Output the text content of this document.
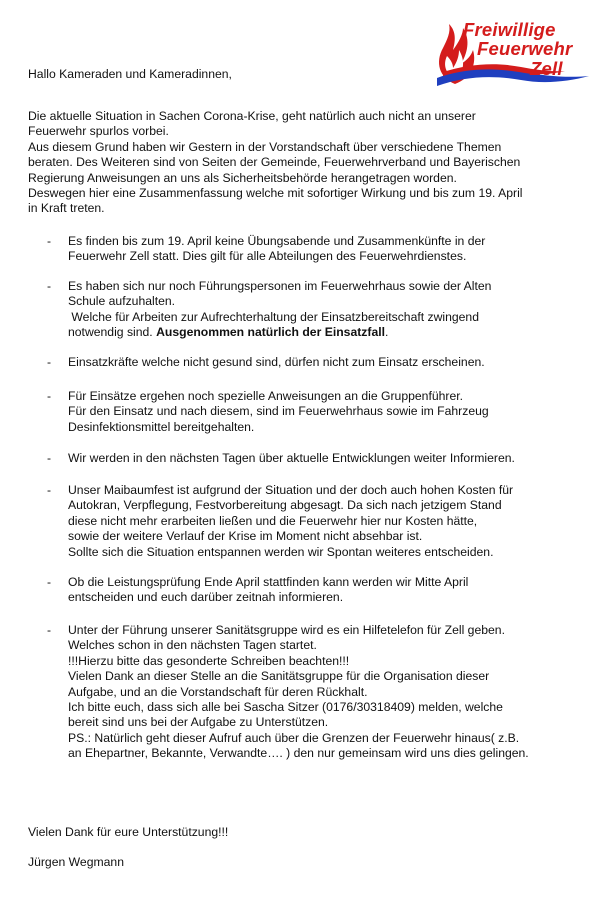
Freiwillige
Feuerwehr
Zell
Hallo Kameraden und Kameradinnen,
Die aktuelle Situation in Sachen Corona-Krise, geht natürlich auch nicht an unserer
Feuerwehr spurlos vorbei.
Aus diesem Grund haben wir Gestern in der Vorstandschaft über verschiedene Themen
beraten. Des Weiteren sind von Seiten der Gemeinde, Feuerwehrverband und Bayerischen
Regierung Anweisungen an uns als Sicherheitsbehörde herangetragen worden.
Deswegen hier eine Zusammenfassung welche mit sofortiger Wirkung und bis zum 19. April
in Kraft treten.
- Es finden bis zum 19. April keine Übungsabende und Zusammenkünfte in der
Feuerwehr Zell statt. Dies gilt für alle Abteilungen des Feuerwehrdienstes.
- Es haben sich nur noch Führungspersonen im Feuerwehrhaus sowie der Alten
Schule aufzuhalten.
Welche für Arbeiten zur Aufrechterhaltung der Einsatzbereitschaft zwingend
notwendig sind. Ausgenommen natürlich der Einsatzfall.
- Einsatzkräfte welche nicht gesund sind, dürfen nicht zum Einsatz erscheinen.
- Für Einsätze ergehen noch spezielle Anweisungen an die Gruppenführer.
Für den Einsatz und nach diesem, sind im Feuerwehrhaus sowie im Fahrzeug
Desinfektionsmittel bereitgehalten.
- Wir werden in den nächsten Tagen über aktuelle Entwicklungen weiter Informieren.
- Unser Maibaumfest ist aufgrund der Situation und der doch auch hohen Kosten für
Autokran, Verpflegung, Festvorbereitung abgesagt. Da sich nach jetzigem Stand
diese nicht mehr erarbeiten ließen und die Feuerwehr hier nur Kosten hätte,
sowie der weitere Verlauf der Krise im Moment nicht absehbar ist.
Sollte sich die Situation entspannen werden wir Spontan weiteres entscheiden.
- Ob die Leistungsprüfung Ende April stattfinden kann werden wir Mitte April
entscheiden und euch darüber zeitnah informieren.
- Unter der Führung unserer Sanitätsgruppe wird es ein Hilfetelefon für Zell geben.
Welches schon in den nächsten Tagen startet.
!!!Hierzu bitte das gesonderte Schreiben beachten!!!
Vielen Dank an dieser Stelle an die Sanitätsgruppe für die Organisation dieser
Aufgabe, und an die Vorstandschaft für deren Rückhalt.
Ich bitte euch, dass sich alle bei Sascha Sitzer (0176/30318409) melden, welche
bereit sind uns bei der Aufgabe zu Unterstützen.
PS.: Natürlich geht dieser Aufruf auch über die Grenzen der Feuerwehr hinaus( z.B.
an Ehepartner, Bekannte, Verwandte…. ) den nur gemeinsam wird uns dies gelingen.
Vielen Dank für eure Unterstützung!!!
Jürgen Wegmann
